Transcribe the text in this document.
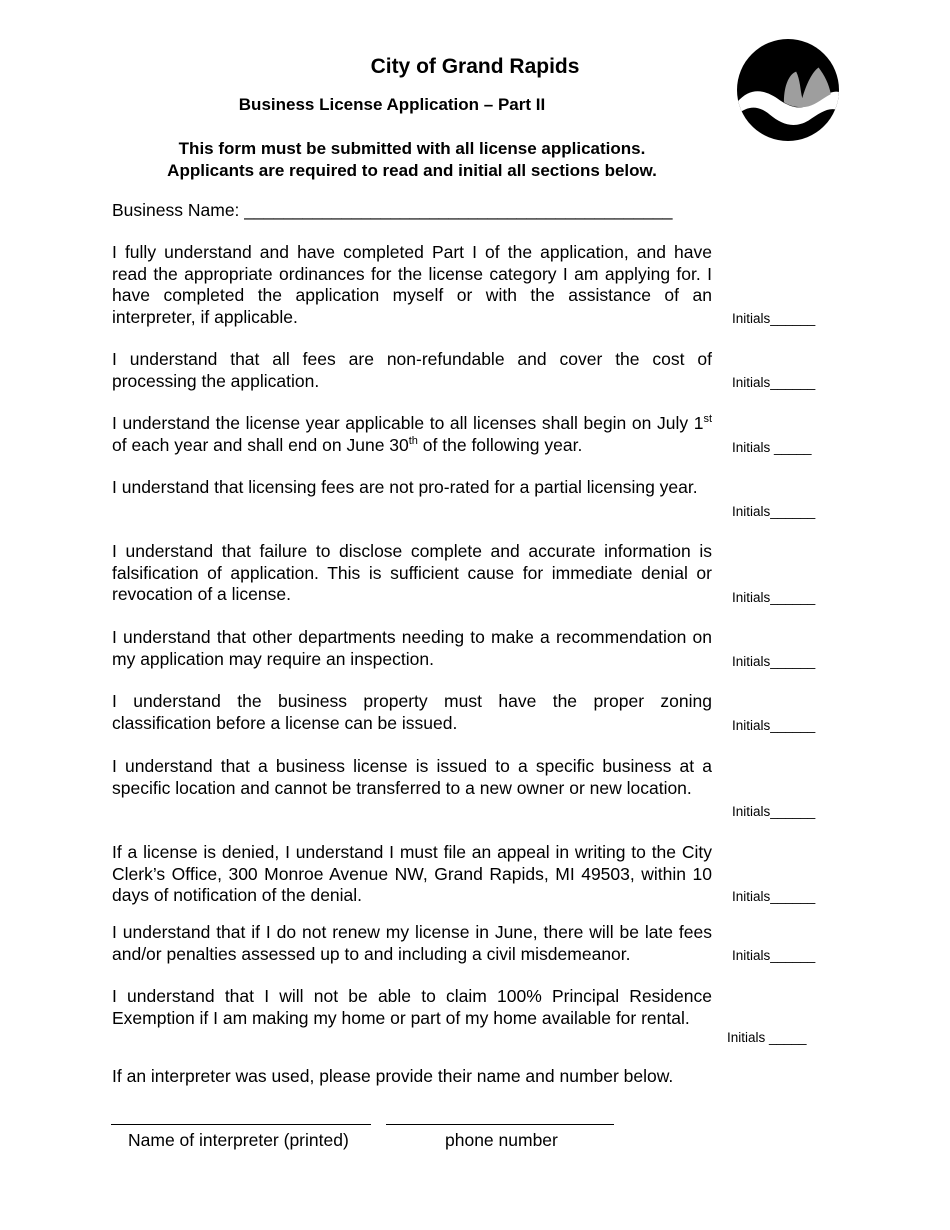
City of Grand Rapids
Business License Application – Part II
This form must be submitted with all license applications.
Applicants are required to read and initial all sections below.
Business Name: ____________________________________________
I fully understand and have completed Part I of the application, and have read the appropriate ordinances for the license category I am applying for. I have completed the application myself or with the assistance of an interpreter, if applicable.	Initials______
I understand that all fees are non-refundable and cover the cost of processing the application.	Initials______
I understand the license year applicable to all licenses shall begin on July 1st of each year and shall end on June 30th of the following year.	Initials _____
I understand that licensing fees are not pro-rated for a partial licensing year.
Initials______
I understand that failure to disclose complete and accurate information is falsification of application. This is sufficient cause for immediate denial or revocation of a license.	Initials______
I understand that other departments needing to make a recommendation on my application may require an inspection.	Initials______
I understand the business property must have the proper zoning classification before a license can be issued.	Initials______
I understand that a business license is issued to a specific business at a specific location and cannot be transferred to a new owner or new location.
Initials______
If a license is denied, I understand I must file an appeal in writing to the City Clerk’s Office, 300 Monroe Avenue NW, Grand Rapids, MI 49503, within 10 days of notification of the denial.	Initials______
I understand that if I do not renew my license in June, there will be late fees and/or penalties assessed up to and including a civil misdemeanor.	Initials______
I understand that I will not be able to claim 100% Principal Residence Exemption if I am making my home or part of my home available for rental.
Initials _____
If an interpreter was used, please provide their name and number below.
Name of interpreter (printed)	phone number
